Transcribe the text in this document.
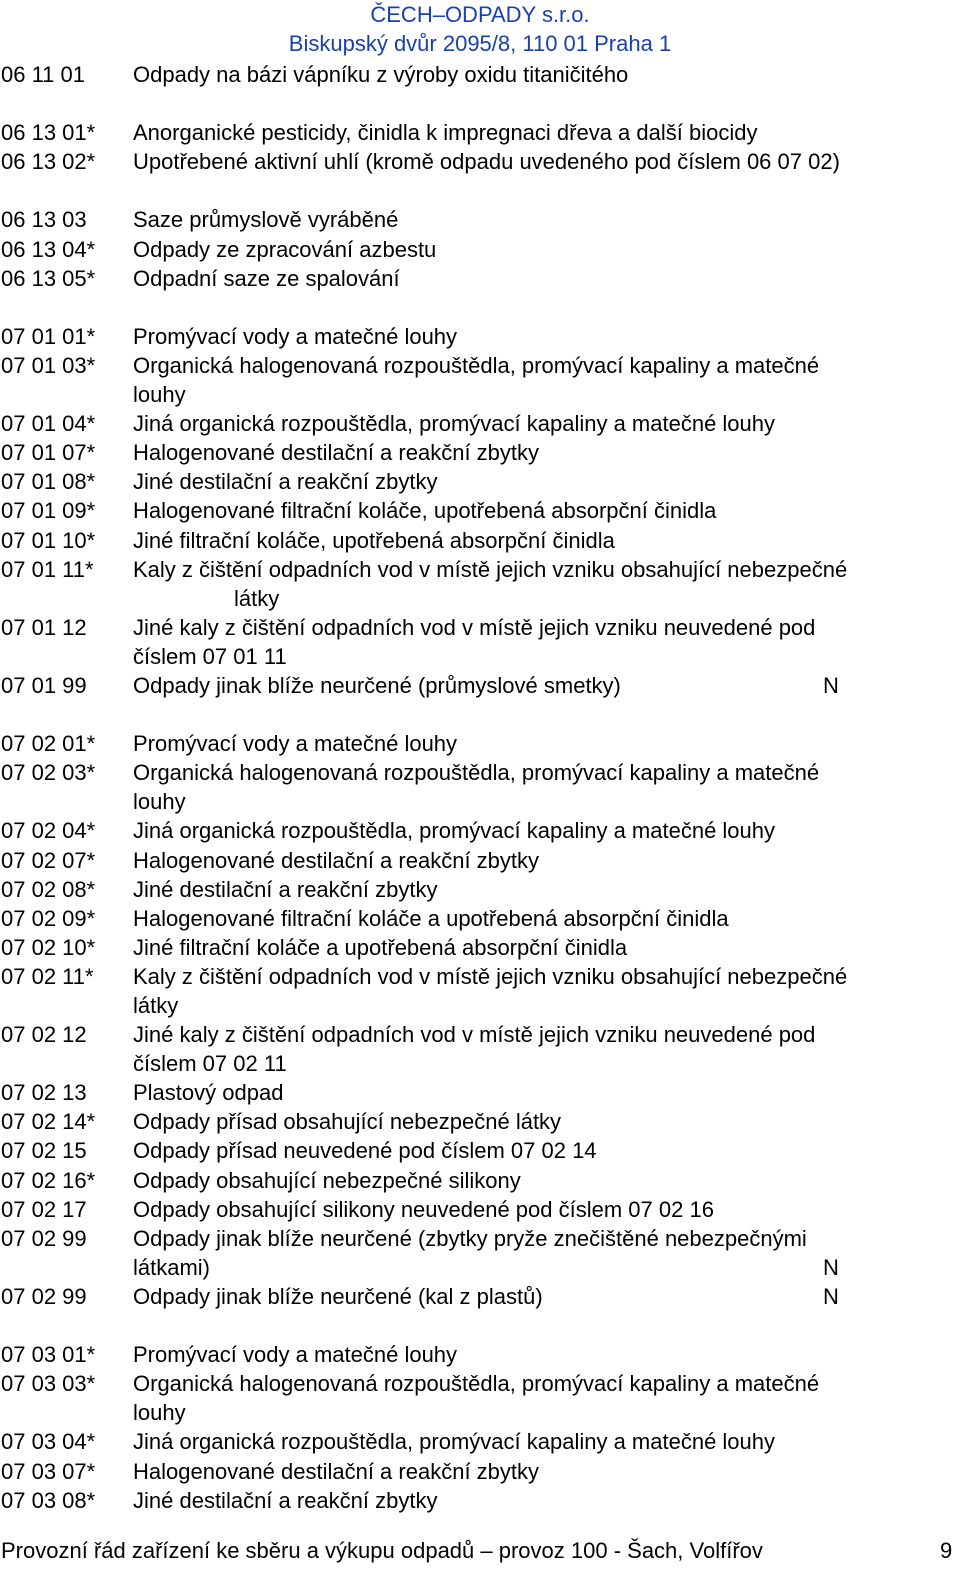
ČECH–ODPADY s.r.o.
Biskupský dvůr 2095/8, 110 01 Praha 1
06 11 01 Odpady na bázi vápníku z výroby oxidu titaničitého
06 13 01* Anorganické pesticidy, činidla k impregnaci dřeva a další biocidy
06 13 02* Upotřebené aktivní uhlí (kromě odpadu uvedeného pod číslem 06 07 02)
06 13 03 Saze průmyslově vyráběné
06 13 04* Odpady ze zpracování azbestu
06 13 05* Odpadní saze ze spalování
07 01 01* Promývací vody a matečné louhy
07 01 03* Organická halogenovaná rozpouštědla, promývací kapaliny a matečné
louhy
07 01 04* Jiná organická rozpouštědla, promývací kapaliny a matečné louhy
07 01 07* Halogenované destilační a reakční zbytky
07 01 08* Jiné destilační a reakční zbytky
07 01 09* Halogenované filtrační koláče, upotřebená absorpční činidla
07 01 10* Jiné filtrační koláče, upotřebená absorpční činidla
07 01 11* Kaly z čištění odpadních vod v místě jejich vzniku obsahující nebezpečné
látky
07 01 12 Jiné kaly z čištění odpadních vod v místě jejich vzniku neuvedené pod
číslem 07 01 11
07 01 99 Odpady jinak blíže neurčené (průmyslové smetky)	N
07 02 01* Promývací vody a matečné louhy
07 02 03* Organická halogenovaná rozpouštědla, promývací kapaliny a matečné
louhy
07 02 04* Jiná organická rozpouštědla, promývací kapaliny a matečné louhy
07 02 07* Halogenované destilační a reakční zbytky
07 02 08* Jiné destilační a reakční zbytky
07 02 09* Halogenované filtrační koláče a upotřebená absorpční činidla
07 02 10* Jiné filtrační koláče a upotřebená absorpční činidla
07 02 11* Kaly z čištění odpadních vod v místě jejich vzniku obsahující nebezpečné
látky
07 02 12 Jiné kaly z čištění odpadních vod v místě jejich vzniku neuvedené pod
číslem 07 02 11
07 02 13 Plastový odpad
07 02 14* Odpady přísad obsahující nebezpečné látky
07 02 15 Odpady přísad neuvedené pod číslem 07 02 14
07 02 16* Odpady obsahující nebezpečné silikony
07 02 17 Odpady obsahující silikony neuvedené pod číslem 07 02 16
07 02 99 Odpady jinak blíže neurčené (zbytky pryže znečištěné nebezpečnými
látkami)	N
07 02 99 Odpady jinak blíže neurčené (kal z plastů)	N
07 03 01* Promývací vody a matečné louhy
07 03 03* Organická halogenovaná rozpouštědla, promývací kapaliny a matečné
louhy
07 03 04* Jiná organická rozpouštědla, promývací kapaliny a matečné louhy
07 03 07* Halogenované destilační a reakční zbytky
07 03 08* Jiné destilační a reakční zbytky
Provozní řád zařízení ke sběru a výkupu odpadů – provoz 100 - Šach, Volfířov	9
